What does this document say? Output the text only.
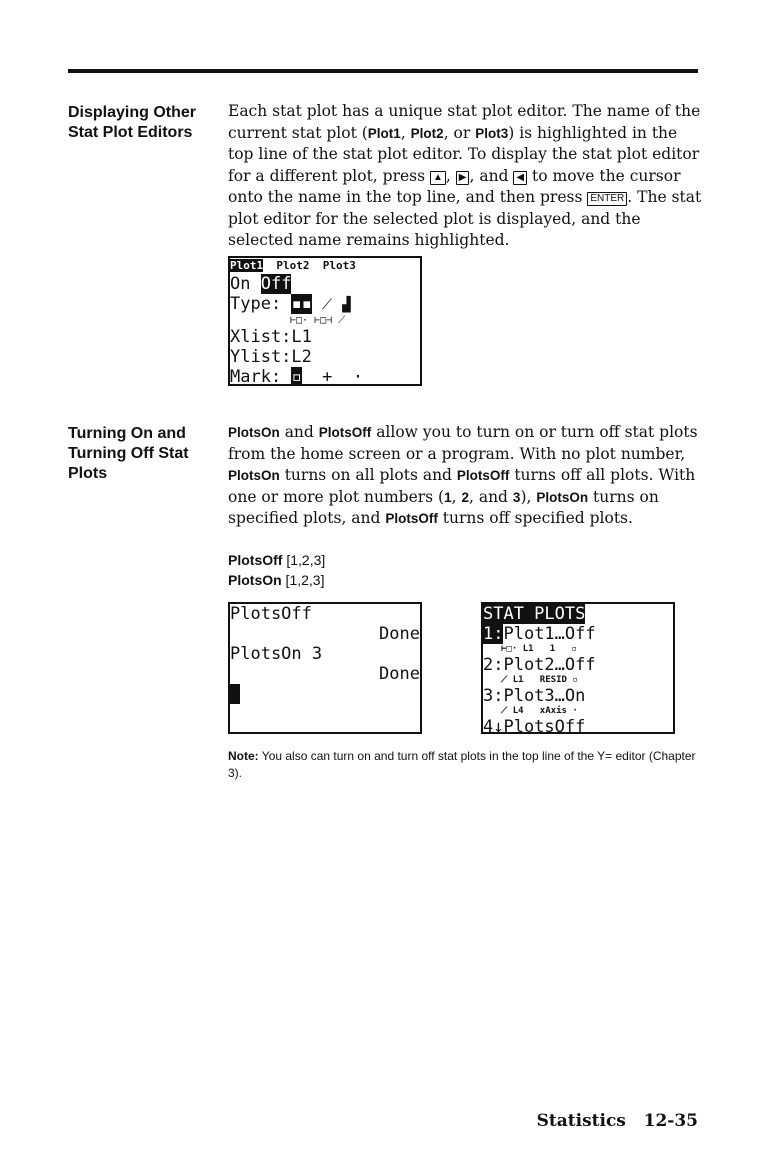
Displaying Other
Stat Plot Editors
Each stat plot has a unique stat plot editor. The name of the current stat plot (Plot1, Plot2, or Plot3) is highlighted in the top line of the stat plot editor. To display the stat plot editor for a different plot, press ▲ , ▶ , and ◀ to move the cursor onto the name in the top line, and then press ENTER . The stat plot editor for the selected plot is displayed, and the selected name remains highlighted.
Plot1 Plot2 Plot3
On Off
Type: ▪▪ ⟋ ▟
⊢□· ⊢□⊣ ⟋
Xlist:L1
Ylist:L2
Mark: ▫ + ·
Turning On and
Turning Off Stat
Plots
PlotsOn and PlotsOff allow you to turn on or turn off stat plots from the home screen or a program. With no plot number, PlotsOn turns on all plots and PlotsOff turns off all plots. With one or more plot numbers (1, 2, and 3), PlotsOn turns on specified plots, and PlotsOff turns off specified plots.
PlotsOff [1,2,3]
PlotsOn [1,2,3]
PlotsOff
Done
PlotsOn 3
Done

STAT PLOTS
1:Plot1…Off
⊢□· L1   1   ▫
2:Plot2…Off
⟋ L1   RESID ▫
3:Plot3…On
⟋ L4   xAxis ·
4↓PlotsOff
Note: You also can turn on and turn off stat plots in the top line of the Y= editor (Chapter 3).
Statistics   12-35
